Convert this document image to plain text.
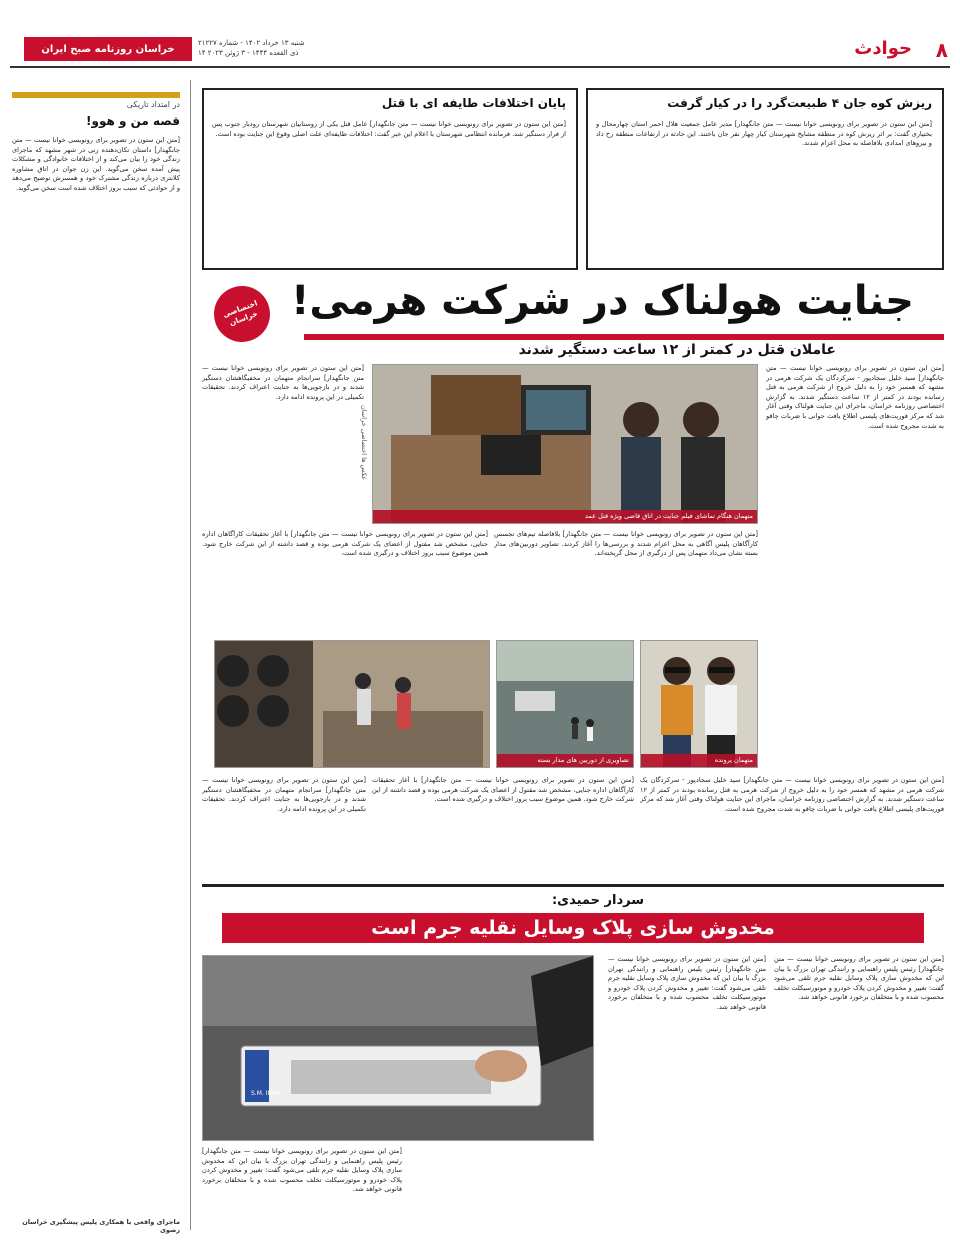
۸
حوادث
شنبه ۱۳ خرداد ۱۴۰۲ - شماره ۲۱۲۲۷
۱۴ ذی القعده ۱۴۴۴ - ۳ ژوئن ۲۰۲۳
خراسان روزنامه صبح ایران
در امتداد تاریکی
قصه من و هوو!
[متن این ستون در تصویر برای رونویسی خوانا نیست — متن جانگهدار] داستان تکان‌دهنده زنی در شهر مشهد که ماجرای زندگی خود را بیان می‌کند و از اختلافات خانوادگی و مشکلات پیش آمده سخن می‌گوید. این زن جوان در اتاق مشاوره کلانتری درباره زندگی مشترک خود و همسرش توضیح می‌دهد و از حوادثی که سبب بروز اختلاف شده است سخن می‌گوید.
ماجرای واقعی با همکاری پلیس پیشگیری خراسان رضوی
ریزش کوه جان ۴ طبیعت‌گرد را در کیار گرفت
[متن این ستون در تصویر برای رونویسی خوانا نیست — متن جانگهدار] مدیر عامل جمعیت هلال احمر استان چهارمحال و بختیاری گفت: بر اثر ریزش کوه در منطقه مشایخ شهرستان کیار چهار نفر جان باختند. این حادثه در ارتفاعات منطقه رخ داد و نیروهای امدادی بلافاصله به محل اعزام شدند.
پایان اختلافات طایفه ای با قتل
[متن این ستون در تصویر برای رونویسی خوانا نیست — متن جانگهدار] عامل قتل یکی از روستاییان شهرستان رودبار جنوب پس از فرار دستگیر شد. فرمانده انتظامی شهرستان با اعلام این خبر گفت: اختلافات طایفه‌ای علت اصلی وقوع این جنایت بوده است.
اختصاصی خراسان جنایت هولناک در شرکت هرمی!
عاملان قتل در کمتر از ۱۲ ساعت دستگیر شدند
[متن این ستون در تصویر برای رونویسی خوانا نیست — متن جانگهدار] سید خلیل سجادپور - سرکردگان یک شرکت هرمی در مشهد که همسر خود را به دلیل خروج از شرکت هرمی به قتل رسانده بودند در کمتر از ۱۲ ساعت دستگیر شدند. به گزارش اختصاصی روزنامه خراسان، ماجرای این جنایت هولناک وقتی آغاز شد که مرکز فوریت‌های پلیسی اطلاع یافت جوانی با ضربات چاقو به شدت مجروح شده است.
متهمان هنگام تماشای فیلم جنایت در اتاق قاضی ویژه قتل عمد
عکس ها اختصاصی خراسان
[متن این ستون در تصویر برای رونویسی خوانا نیست — متن جانگهدار] سرانجام متهمان در مخفیگاهشان دستگیر شدند و در بازجویی‌ها به جنایت اعتراف کردند. تحقیقات تکمیلی در این پرونده ادامه دارد.
[متن این ستون در تصویر برای رونویسی خوانا نیست — متن جانگهدار] بلافاصله تیم‌های تجسس کارآگاهان پلیس آگاهی به محل اعزام شدند و بررسی‌ها را آغاز کردند. تصاویر دوربین‌های مدار بسته نشان می‌داد متهمان پس از درگیری از محل گریخته‌اند.
[متن این ستون در تصویر برای رونویسی خوانا نیست — متن جانگهدار] با آغاز تحقیقات کارآگاهان اداره جنایی، مشخص شد مقتول از اعضای یک شرکت هرمی بوده و قصد داشته از این شرکت خارج شود. همین موضوع سبب بروز اختلاف و درگیری شده است.
متهمان پرونده
تصاویری از دوربین های مدار بسته
[متن این ستون در تصویر برای رونویسی خوانا نیست — متن جانگهدار] سید خلیل سجادپور - سرکردگان یک شرکت هرمی در مشهد که همسر خود را به دلیل خروج از شرکت هرمی به قتل رسانده بودند در کمتر از ۱۲ ساعت دستگیر شدند. به گزارش اختصاصی روزنامه خراسان، ماجرای این جنایت هولناک وقتی آغاز شد که مرکز فوریت‌های پلیسی اطلاع یافت جوانی با ضربات چاقو به شدت مجروح شده است.
[متن این ستون در تصویر برای رونویسی خوانا نیست — متن جانگهدار] با آغاز تحقیقات کارآگاهان اداره جنایی، مشخص شد مقتول از اعضای یک شرکت هرمی بوده و قصد داشته از این شرکت خارج شود. همین موضوع سبب بروز اختلاف و درگیری شده است.
[متن این ستون در تصویر برای رونویسی خوانا نیست — متن جانگهدار] سرانجام متهمان در مخفیگاهشان دستگیر شدند و در بازجویی‌ها به جنایت اعتراف کردند. تحقیقات تکمیلی در این پرونده ادامه دارد.
سردار حمیدی:
مخدوش سازی پلاک وسایل نقلیه جرم است
[متن این ستون در تصویر برای رونویسی خوانا نیست — متن جانگهدار] رئیس پلیس راهنمایی و رانندگی تهران بزرگ با بیان این که مخدوش سازی پلاک وسایل نقلیه جرم تلقی می‌شود گفت: تغییر و مخدوش کردن پلاک خودرو و موتورسیکلت تخلف محسوب شده و با متخلفان برخورد قانونی خواهد شد.
[متن این ستون در تصویر برای رونویسی خوانا نیست — متن جانگهدار] رئیس پلیس راهنمایی و رانندگی تهران بزرگ با بیان این که مخدوش سازی پلاک وسایل نقلیه جرم تلقی می‌شود گفت: تغییر و مخدوش کردن پلاک خودرو و موتورسیکلت تخلف محسوب شده و با متخلفان برخورد قانونی خواهد شد.
[متن این ستون در تصویر برای رونویسی خوانا نیست — متن جانگهدار] رئیس پلیس راهنمایی و رانندگی تهران بزرگ با بیان این که مخدوش سازی پلاک وسایل نقلیه جرم تلقی می‌شود گفت: تغییر و مخدوش کردن پلاک خودرو و موتورسیکلت تخلف محسوب شده و با متخلفان برخورد قانونی خواهد شد.
S.M. IRAN
